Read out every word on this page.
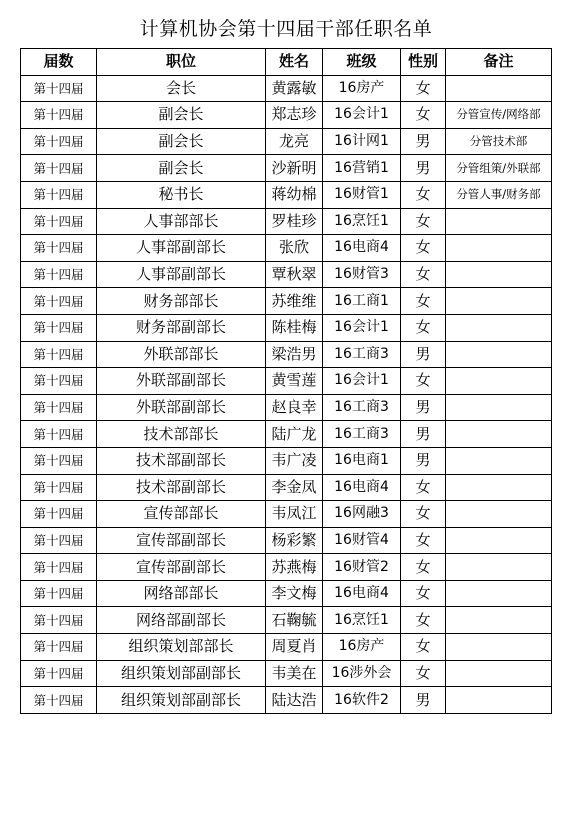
计算机协会第十四届干部任职名单
届数	职位	姓名	班级	性别	备注
第十四届	会长	黄露敏	16房产	女	
第十四届	副会长	郑志珍	16会计1	女	分管宣传/网络部
第十四届	副会长	龙亮	16计网1	男	分管技术部
第十四届	副会长	沙新明	16营销1	男	分管组策/外联部
第十四届	秘书长	蒋幼棉	16财管1	女	分管人事/财务部
第十四届	人事部部长	罗桂珍	16烹饪1	女	
第十四届	人事部副部长	张欣	16电商4	女	
第十四届	人事部副部长	覃秋翠	16财管3	女	
第十四届	财务部部长	苏维维	16工商1	女	
第十四届	财务部副部长	陈桂梅	16会计1	女	
第十四届	外联部部长	梁浩男	16工商3	男	
第十四届	外联部副部长	黄雪莲	16会计1	女	
第十四届	外联部副部长	赵良幸	16工商3	男	
第十四届	技术部部长	陆广龙	16工商3	男	
第十四届	技术部副部长	韦广凌	16电商1	男	
第十四届	技术部副部长	李金凤	16电商4	女	
第十四届	宣传部部长	韦凤江	16网融3	女	
第十四届	宣传部副部长	杨彩繁	16财管4	女	
第十四届	宣传部副部长	苏燕梅	16财管2	女	
第十四届	网络部部长	李文梅	16电商4	女	
第十四届	网络部副部长	石鞠毓	16烹饪1	女	
第十四届	组织策划部部长	周夏肖	16房产	女	
第十四届	组织策划部副部长	韦美在	16涉外会	女	
第十四届	组织策划部副部长	陆达浩	16软件2	男	
